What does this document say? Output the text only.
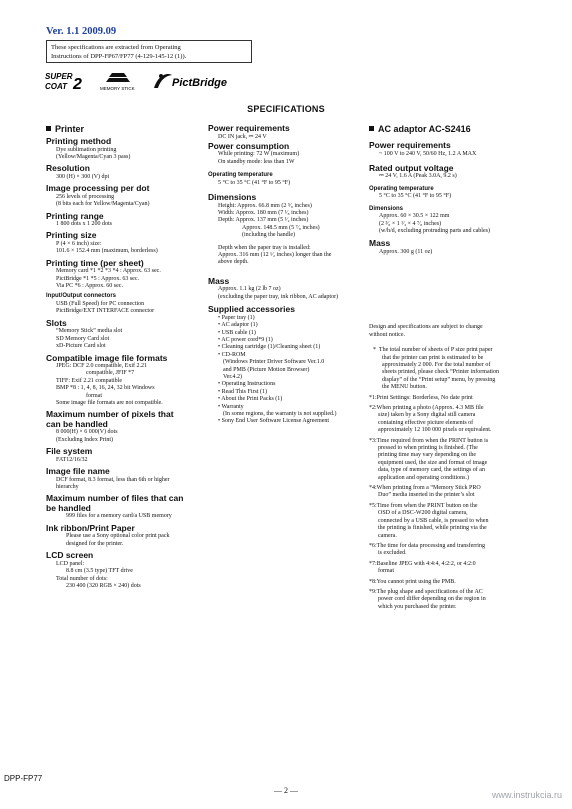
Ver. 1.1 2009.09
These specifications are extracted from Operating
Instructions of DPP-FP67/FP77 (4-129-145-12 (1)).
SUPER
COAT 2	MEMORY STICK	PictBridge
SPECIFICATIONS
Printer
Printing method
Dye sublimation printing
(Yellow/Magenta/Cyan 3 pass)
Resolution
300 (H) × 300 (V) dpi
Image processing per dot
256 levels of processing
(8 bits each for Yellow/Magenta/Cyan)
Printing range
1 800 dots x 1 200 dots
Printing size
P (4 × 6 inch) size:
101.6 × 152.4 mm (maximum, borderless)
Printing time (per sheet)
Memory card *1 *2 *3 *4 : Approx. 63 sec.
PictBridge *1 *5 : Approx. 63 sec.
Via PC *6 : Approx. 60 sec.
Input/Output connectors
USB (Full Speed) for PC connection
PictBridge/EXT INTERFACE connector
Slots
“Memory Stick” media slot
SD Memory Card slot
xD-Picture Card slot
Compatible image file formats
JPEG: DCF 2.0 compatible, Exif 2.21
compatible, JFIF *7
TIFF: Exif 2.21 compatible
BMP *8 : 1, 4, 8, 16, 24, 32 bit Windows
format
Some image file formats are not compatible.
Maximum number of pixels that
can be handled
8 000(H) × 6 000(V) dots
(Excluding Index Print)
File system
FAT12/16/32
Image file name
DCF format, 8.3 format, less than 6th or higher
hierarchy
Maximum number of files that can
be handled
999 files for a memory card/a USB memory
Ink ribbon/Print Paper
Please use a Sony optional color print pack
designed for the printer.
LCD screen
LCD panel:
8.8 cm (3.5 type) TFT drive
Total number of dots:
230 400 (320 RGB × 240) dots
Power requirements
DC IN jack, ⎓ 24 V
Power consumption
While printing: 72 W (maximum)
On standby mode: less than 1W
Operating temperature
5 °C to 35 °C (41 °F to 95 °F)
Dimensions
Height: Approx. 66.8 mm (2 ⁵⁄₈ inches)
Width: Approx. 180 mm (7 ¹⁄₈ inches)
Depth: Approx. 137 mm (5 ¹⁄₂ inches)
Approx. 148.5 mm (5 ⁷⁄₈ inches)
(including the handle)
Depth when the paper tray is installed:
Approx. 316 mm (12 ¹⁄₂ inches) longer than the
above depth.
Mass
Approx. 1.1 kg (2 lb 7 oz)
(excluding the paper tray, ink ribbon, AC adaptor)
Supplied accessories
• Paper tray (1)
• AC adaptor (1)
• USB cable (1)
• AC power cord*9 (1)
• Cleaning cartridge (1)/Cleaning sheet (1)
• CD-ROM
(Windows Printer Driver Software Ver.1.0
and PMB (Picture Motion Browser)
Ver.4.2)
• Operating Instructions
• Read This First (1)
• About the Print Packs (1)
• Warranty
(In some regions, the warranty is not supplied.)
• Sony End User Software License Agreement
AC adaptor AC-S2416
Power requirements
~ 100 V to 240 V, 50/60 Hz, 1.2 A MAX
Rated output voltage
⎓ 24 V, 1.6 A (Peak 3.0A, 9.2 s)
Operating temperature
5 °C to 35 °C (41 °F to 95 °F)
Dimensions
Approx. 60 × 30.5 × 122 mm
(2 ³⁄₈ × 1 ¹⁄₄ × 4 ⁷⁄₈ inches)
(w/h/d, excluding protruding parts and cables)
Mass
Approx. 300 g (11 oz)
Design and specifications are subject to change
without notice.
* The total number of sheets of P size print paper
that the printer can print is estimated to be
approximately 2 000. For the total number of
sheets printed, please check “Printer information
display” of the “Print setup” menu, by pressing
the MENU button.
*1:Print Settings: Borderless, No date print
*2:When printing a photo (Approx. 4.3 MB file
size) taken by a Sony digital still camera
containing effective picture elements of
approximately 12 100 000 pixels or equivalent.
*3:Time required from when the PRINT button is
pressed to when printing is finished. (The
printing time may vary depending on the
equipment used, the size and format of image
data, type of memory card, the settings of an
application and operating conditions.)
*4:When printing from a “Memory Stick PRO
Duo” media inserted in the printer’s slot
*5:Time from when the PRINT button on the
OSD of a DSC-W200 digital camera,
connected by a USB cable, is pressed to when
the printing is finished, while printing via the
camera.
*6:The time for data processing and transferring
is excluded.
*7:Baseline JPEG with 4:4:4, 4:2:2, or 4:2:0
format
*8:You cannot print using the PMB.
*9:The plug shape and specifications of the AC
power cord differ depending on the region in
which you purchased the printer.
DPP-FP77
— 2 —	www.instrukcia.ru
